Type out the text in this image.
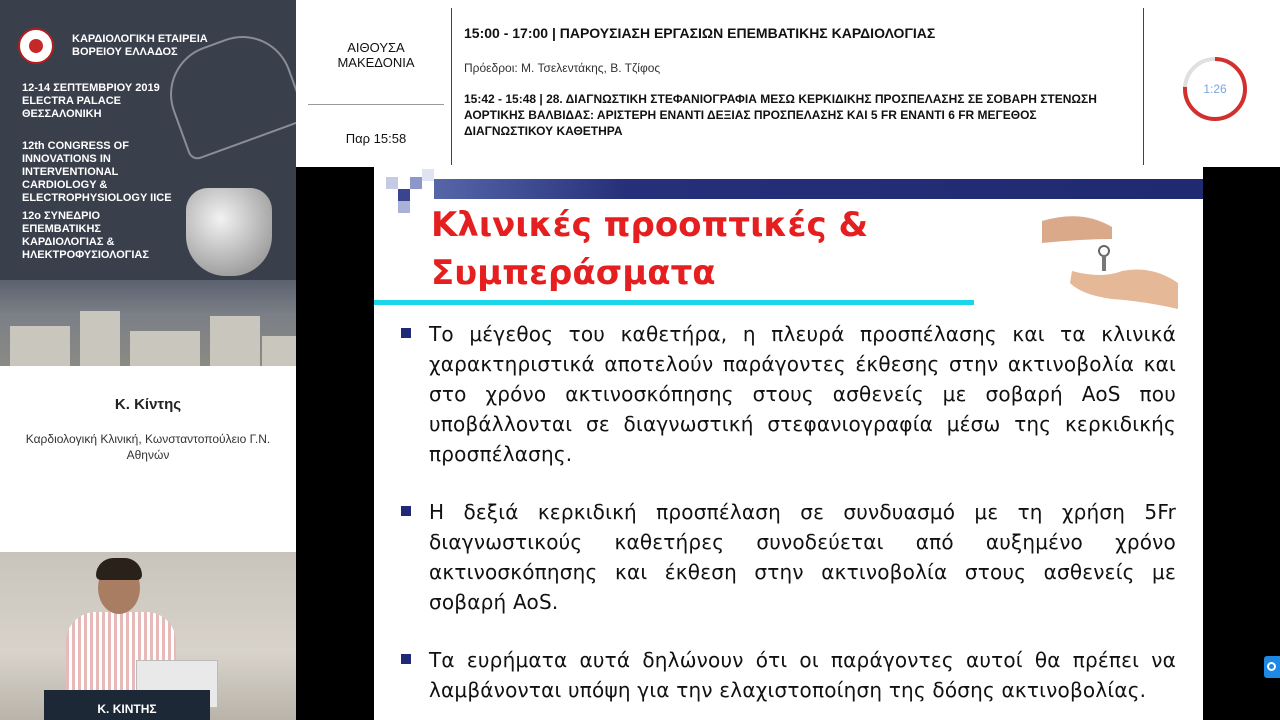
ΚΑΡΔΙΟΛΟΓΙΚΗ ΕΤΑΙΡΕΙΑ
ΒΟΡΕΙΟΥ ΕΛΛΑΔΟΣ
12-14 ΣΕΠΤΕΜΒΡΙΟΥ 2019
ELECTRA PALACE
ΘΕΣΣΑΛΟΝΙΚΗ
12th CONGRESS OF INNOVATIONS IN INTERVENTIONAL CARDIOLOGY & ELECTROPHYSIOLOGY IICE
12ο ΣΥΝΕΔΡΙΟ ΕΠΕΜΒΑΤΙΚΗΣ ΚΑΡΔΙΟΛΟΓΙΑΣ & ΗΛΕΚΤΡΟΦΥΣΙΟΛΟΓΙΑΣ
Κ. Κίντης
Καρδιολογική Κλινική, Κωνσταντοπούλειο Γ.Ν. Αθηνών
Κ. ΚΙΝΤΗΣ
ΑΙΘΟΥΣΑ
ΜΑΚΕΔΟΝΙΑ
Παρ 15:58
15:00 - 17:00 | ΠΑΡΟΥΣΙΑΣΗ ΕΡΓΑΣΙΩΝ ΕΠΕΜΒΑΤΙΚΗΣ ΚΑΡΔΙΟΛΟΓΙΑΣ
Πρόεδροι: Μ. Τσελεντάκης, Β. Τζίφος
15:42 - 15:48 | 28. ΔΙΑΓΝΩΣΤΙΚΗ ΣΤΕΦΑΝΙΟΓΡΑΦΙΑ ΜΕΣΩ ΚΕΡΚΙΔΙΚΗΣ ΠΡΟΣΠΕΛΑΣΗΣ ΣΕ ΣΟΒΑΡΗ ΣΤΕΝΩΣΗ ΑΟΡΤΙΚΗΣ ΒΑΛΒΙΔΑΣ: ΑΡΙΣΤΕΡΗ ΕΝΑΝΤΙ ΔΕΞΙΑΣ ΠΡΟΣΠΕΛΑΣΗΣ ΚΑΙ 5 FR ΕΝΑΝΤΙ 6 FR ΜΕΓΕΘΟΣ ΔΙΑΓΝΩΣΤΙΚΟΥ ΚΑΘΕΤΗΡΑ
1:26
Κλινικές προοπτικές &
Συμπεράσματα
Το μέγεθος του καθετήρα, η πλευρά προσπέλασης και τα κλινικά χαρακτηριστικά αποτελούν παράγοντες έκθεσης στην ακτινοβολία και στο χρόνο ακτινοσκόπησης στους ασθενείς με σοβαρή AoS που υποβάλλονται σε διαγνωστική στεφανιογραφία μέσω της κερκιδικής προσπέλασης.
Η δεξιά κερκιδική προσπέλαση σε συνδυασμό με τη χρήση 5Fr διαγνωστικούς καθετήρες συνοδεύεται από αυξημένο χρόνο ακτινοσκόπησης και έκθεση στην ακτινοβολία στους ασθενείς με σοβαρή AoS.
Τα ευρήματα αυτά δηλώνουν ότι οι παράγοντες αυτοί θα πρέπει να λαμβάνονται υπόψη για την ελαχιστοποίηση της δόσης ακτινοβολίας.
